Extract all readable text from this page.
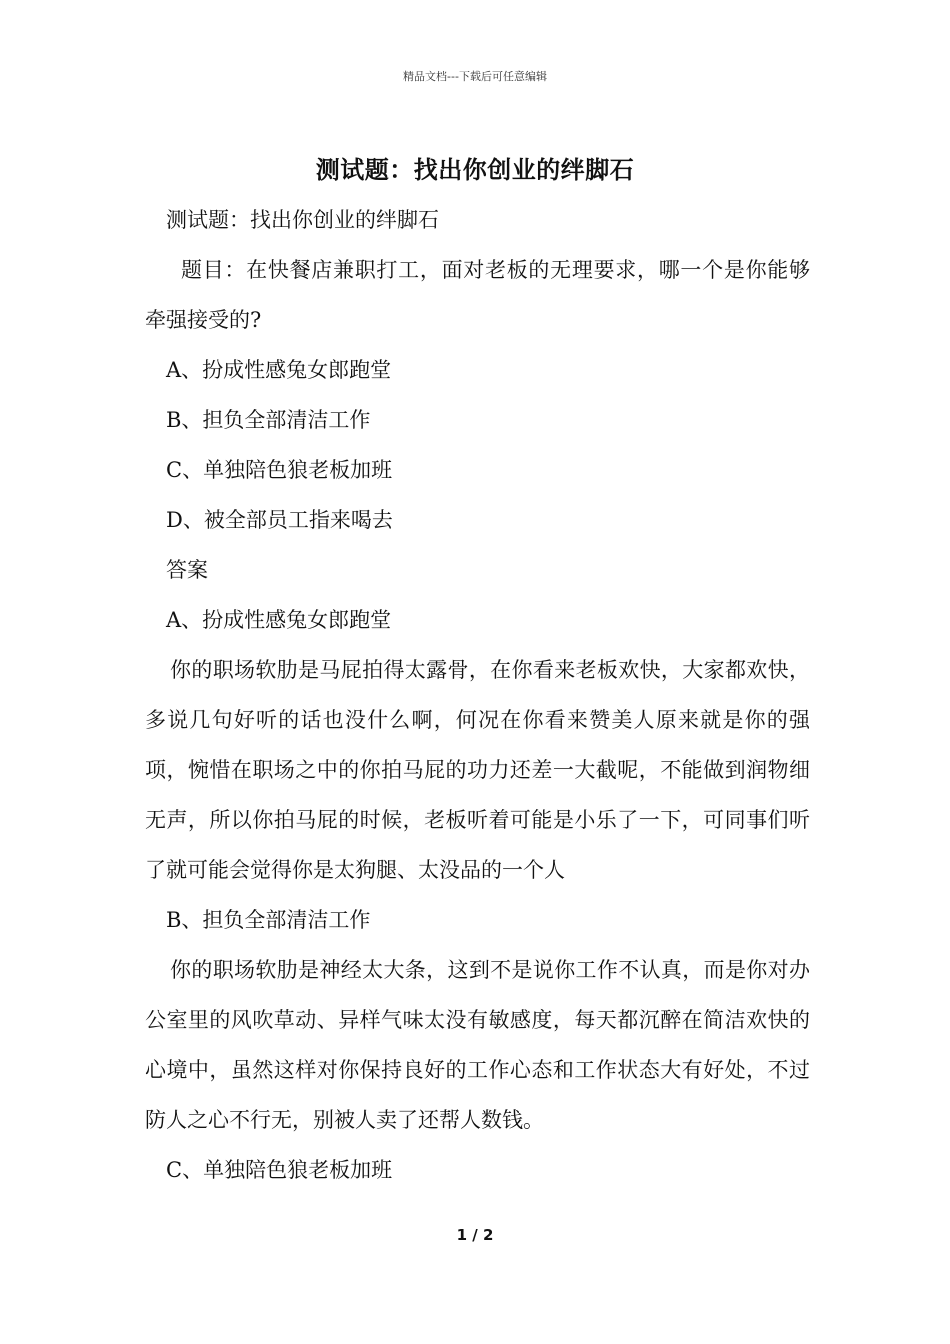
精品文档---下载后可任意编辑
测试题：找出你创业的绊脚石

测试题：找出你创业的绊脚石

题目：在快餐店兼职打工，面对老板的无理要求，哪一个是你能够牵强接受的?

A、扮成性感兔女郎跑堂

B、担负全部清洁工作

C、单独陪色狼老板加班

D、被全部员工指来喝去

答案

A、扮成性感兔女郎跑堂

你的职场软肋是马屁拍得太露骨，在你看来老板欢快，大家都欢快，多说几句好听的话也没什么啊，何况在你看来赞美人原来就是你的强项，惋惜在职场之中的你拍马屁的功力还差一大截呢，不能做到润物细无声，所以你拍马屁的时候，老板听着可能是小乐了一下，可同事们听了就可能会觉得你是太狗腿、太没品的一个人

B、担负全部清洁工作

你的职场软肋是神经太大条，这到不是说你工作不认真，而是你对办公室里的风吹草动、异样气味太没有敏感度，每天都沉醉在简洁欢快的心境中，虽然这样对你保持良好的工作心态和工作状态大有好处，不过防人之心不行无，别被人卖了还帮人数钱。

C、单独陪色狼老板加班

1 / 2
